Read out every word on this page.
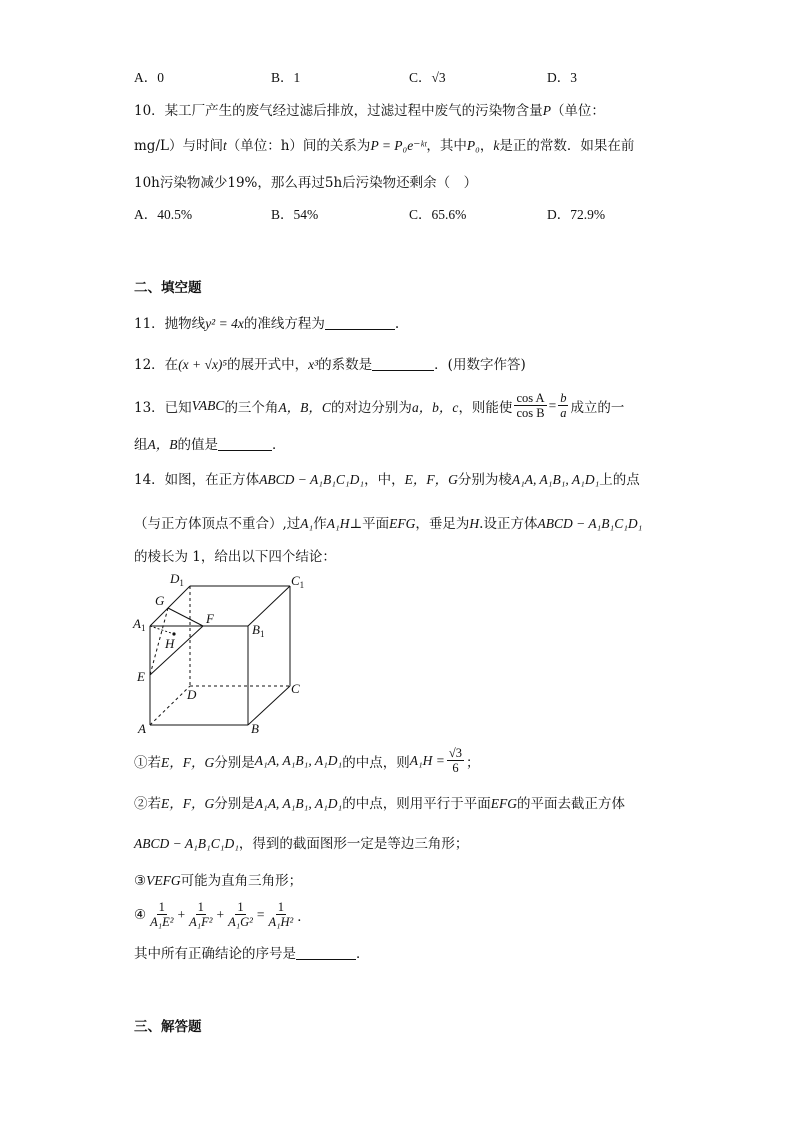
A．0	B．1	C．√3	D．3
10．某工厂产生的废气经过滤后排放，过滤过程中废气的污染物含量P（单位：
mg/L）与时间t（单位：h）间的关系为P = P₀e⁻ᵏᵗ，其中P₀，k是正的常数．如果在前
10h污染物减少19%，那么再过5h后污染物还剩余（　）
A．40.5%	B．54%	C．65.6%	D．72.9%
二、填空题
11．抛物线y² = 4x的准线方程为	.
12．在(x + √x)⁵的展开式中，x³的系数是	．(用数字作答)
13．已知 VABC 的三个角 A，B，C 的对边分别为 a，b，c ，则能使 $\frac{\text{cos A}}{\text{cos B}} = \frac{b}{a}$ 成立的一
组A，B的值是	．
14．如图，在正方体ABCD − A₁B₁C₁D₁，中，E，F，G分别为棱A₁A, A₁B₁, A₁D₁上的点
（与正方体顶点不重合）,过A₁作A₁H⊥平面EFG，垂足为H.设正方体ABCD − A₁B₁C₁D₁
的棱长为 1，给出以下四个结论：
$D_1$	$C_1$
G
F
$A_1$	$B_1$
H
E
D	C
A	B
①若 E，F，G 分别是 A₁A, A₁B₁, A₁D₁ 的中点，则 $A_1H = \frac{√3}{6}$ ；
②若E，F，G分别是A₁A, A₁B₁, A₁D₁的中点，则用平行于平面EFG的平面去截正方体
ABCD − A₁B₁C₁D₁，得到的截面图形一定是等边三角形；
③VEFG可能为直角三角形；
④ $\frac{1}{\text{A₁E²}} + \frac{1}{\text{A₁F²}} + \frac{1}{\text{A₁G²}} = \frac{1}{\text{A₁H²}}$ ．
其中所有正确结论的序号是	．
三、解答题
